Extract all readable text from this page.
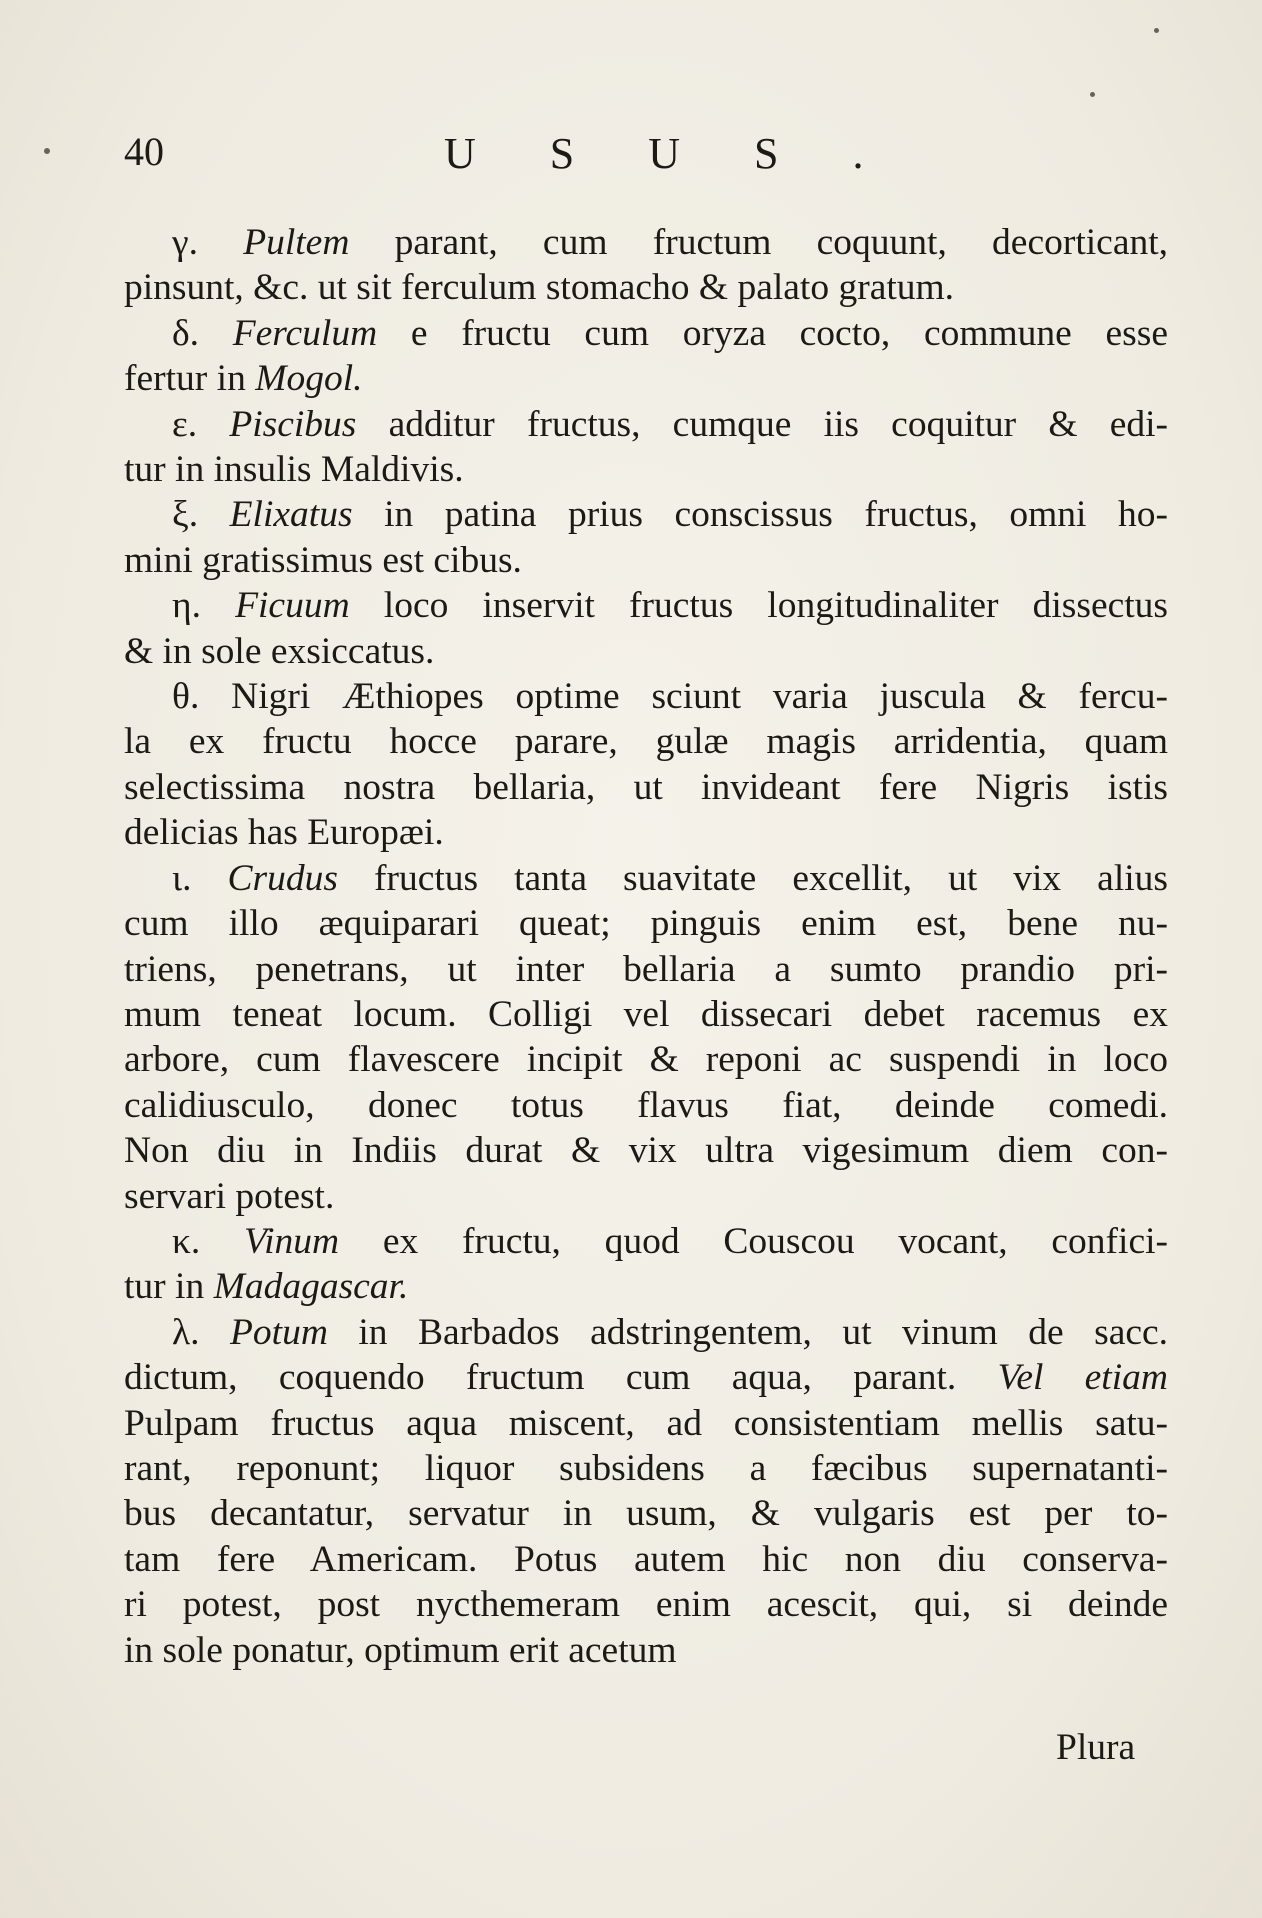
40	USUS.
γ. Pultem parant, cum fructum coquunt, decorticant,
pinsunt, &c. ut sit ferculum stomacho & palato gratum.
δ. Ferculum e fructu cum oryza cocto, commune esse
fertur in Mogol.
ε. Piscibus additur fructus, cumque iis coquitur & edi-
tur in insulis Maldivis.
ξ. Elixatus in patina prius conscissus fructus, omni ho-
mini gratissimus est cibus.
η. Ficuum loco inservit fructus longitudinaliter dissectus
& in sole exsiccatus.
θ. Nigri Æthiopes optime sciunt varia juscula & fercu-
la ex fructu hocce parare, gulæ magis arridentia, quam
selectissima nostra bellaria, ut invideant fere Nigris istis
delicias has Europæi.
ι. Crudus fructus tanta suavitate excellit, ut vix alius
cum illo æquiparari queat; pinguis enim est, bene nu-
triens, penetrans, ut inter bellaria a sumto prandio pri-
mum teneat locum. Colligi vel dissecari debet racemus ex
arbore, cum flavescere incipit & reponi ac suspendi in loco
calidiusculo, donec totus flavus fiat, deinde comedi.
Non diu in Indiis durat & vix ultra vigesimum diem con-
servari potest.
κ. Vinum ex fructu, quod Couscou vocant, confici-
tur in Madagascar.
λ. Potum in Barbados adstringentem, ut vinum de sacc.
dictum, coquendo fructum cum aqua, parant. Vel etiam
Pulpam fructus aqua miscent, ad consistentiam mellis satu-
rant, reponunt; liquor subsidens a fæcibus supernatanti-
bus decantatur, servatur in usum, & vulgaris est per to-
tam fere Americam. Potus autem hic non diu conserva-
ri potest, post nycthemeram enim acescit, qui, si deinde
in sole ponatur, optimum erit acetum
Plura
